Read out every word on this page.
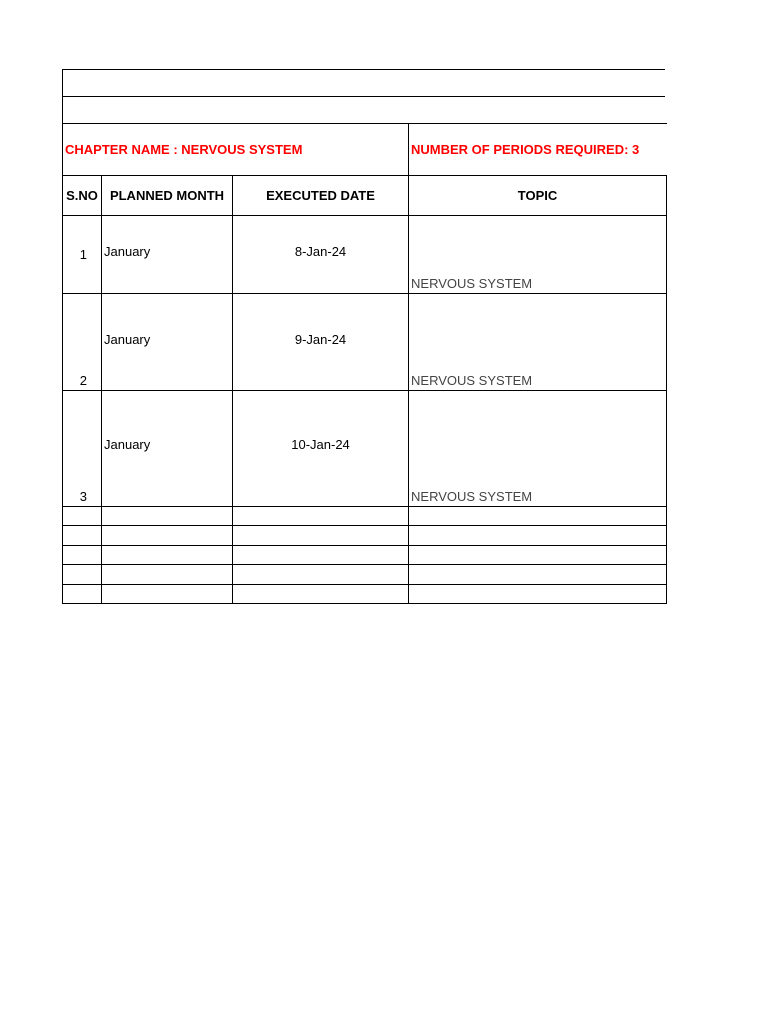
CHAPTER NAME : NERVOUS SYSTEM			NUMBER OF PERIODS REQUIRED: 3
S.NO	PLANNED MONTH	EXECUTED DATE	TOPIC
1	January	8-Jan-24	NERVOUS SYSTEM
2	January	9-Jan-24	NERVOUS SYSTEM
3	January	10-Jan-24	NERVOUS SYSTEM
